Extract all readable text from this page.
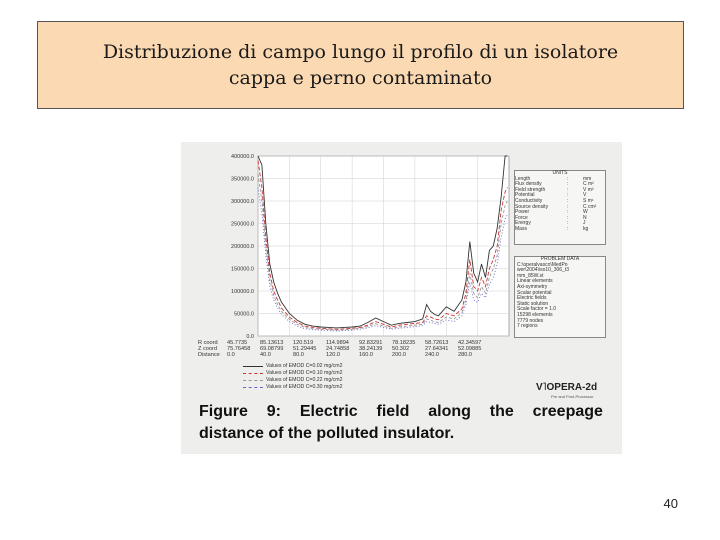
Distribuzione di campo lungo il profilo di un isolatore
cappa e perno contaminato
0.0
50000.0
100000.0
150000.0
200000.0
250000.0
300000.0
350000.0
400000.0
UNITS
Length	:	mm
Flux density	:	C m²
Field strength	:	V m²
Potential	:	V
Conductivity	:	S m¹
Source density	:	C cm²
Power	:	W
Force	:	N
Energy	:	J
Mass	:	kg
PROBLEM DATA
C:\operalvasco\MedPo
wer\2004\iso10_306_t3
mm_85W.st
Linear elements
Axi-symmetry
Scalar potential
Electric fields
Static solution
Scale factor = 1.0
15298 elements
7779 nodes
7 regions
R coord	45.7735	85.13613	120.519	114.9894	92.83291	78.18235	58.72613	42.34597
Z coord	75.76458	69.08799	51.29445	24.74858	38.24139	50.302	27.64341	52.09885
Distance	0.0	40.0	80.0	120.0	160.0	200.0	240.0	280.0
Values of EMOD C=0.02 mg/cm2
Values of EMOD C=0.10 mg/cm2
Values of EMOD C=0.22 mg/cm2
Values of EMOD C=0.30 mg/cm2	V˥OPERA-2d
Pre and Post-Processor
Figure 9: Electric field along the creepage
distance of the polluted insulator.
40
